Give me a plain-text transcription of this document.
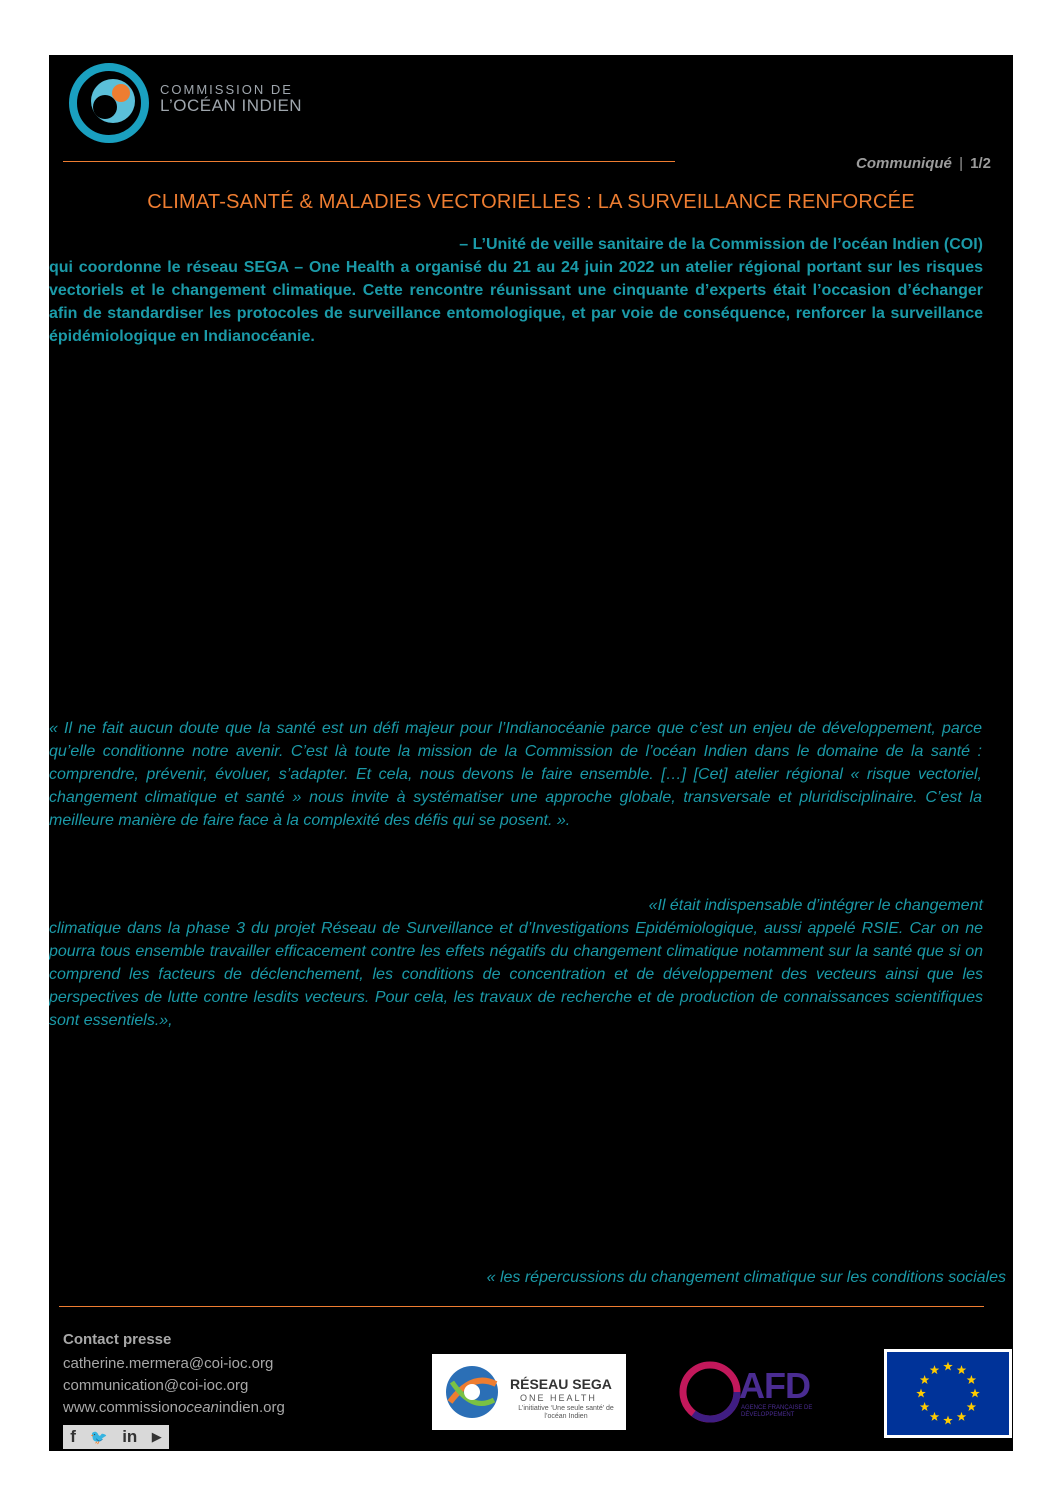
COMMISSION DE
L’OCÉAN INDIEN
Communiqué | 1/2
CLIMAT-SANTÉ & MALADIES VECTORIELLES : LA SURVEILLANCE RENFORCÉE
– L’Unité de veille sanitaire de la Commission de l’océan Indien (COI)
qui coordonne le réseau SEGA – One Health a organisé du 21 au 24 juin 2022 un atelier régional portant sur les risques vectoriels et le changement climatique. Cette rencontre réunissant une cinquante d’experts était l’occasion d’échanger afin de standardiser les protocoles de surveillance entomologique, et par voie de conséquence, renforcer la surveillance épidémiologique en Indianocéanie.
« Il ne fait aucun doute que la santé est un défi majeur pour l’Indianocéanie parce que c’est un enjeu de développement, parce qu’elle conditionne notre avenir. C’est là toute la mission de la Commission de l’océan Indien dans le domaine de la santé : comprendre, prévenir, évoluer, s’adapter. Et cela, nous devons le faire ensemble. […] [Cet] atelier régional « risque vectoriel, changement climatique et santé » nous invite à systématiser une approche globale, transversale et pluridisciplinaire. C’est la meilleure manière de faire face à la complexité des défis qui se posent. ».
«Il était indispensable d’intégrer le changement
climatique dans la phase 3 du projet Réseau de Surveillance et d’Investigations Epidémiologique, aussi appelé RSIE. Car on ne pourra tous ensemble travailler efficacement contre les effets négatifs du changement climatique notamment sur la santé que si on comprend les facteurs de déclenchement, les conditions de concentration et de développement des vecteurs ainsi que les perspectives de lutte contre lesdits vecteurs. Pour cela, les travaux de recherche et de production de connaissances scientifiques sont essentiels.»,
« les répercussions du changement climatique sur les conditions sociales
Contact presse
catherine.mermera@coi-ioc.org
communication@coi-ioc.org
www.commissionoceanindien.org
f 🐦 in ▶
RÉSEAU SEGA
ONE HEALTH
L’initiative ‘Une seule santé’ de l’océan Indien
AFD
AGENCE FRANÇAISE DE DÉVELOPPEMENT
